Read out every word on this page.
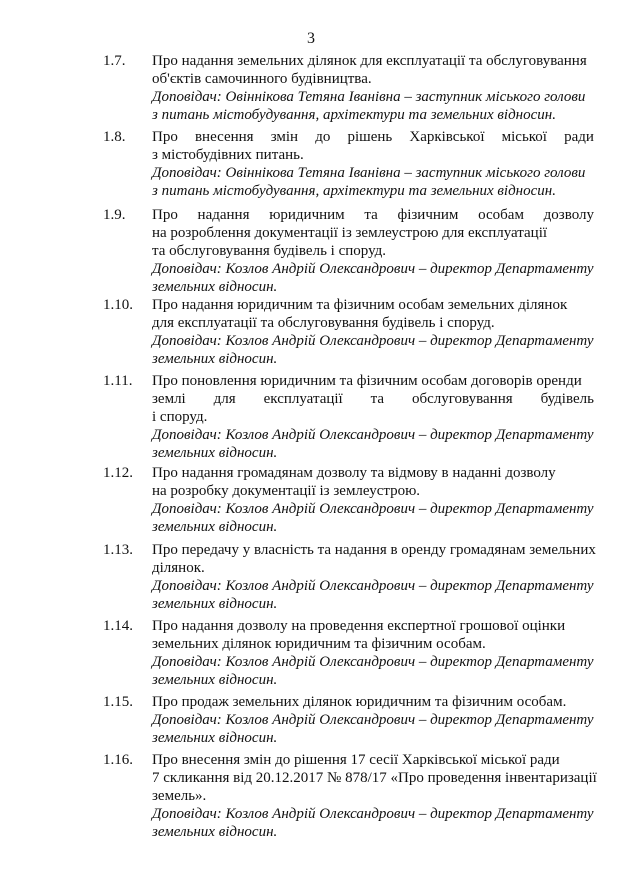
3
1.7.	Про надання земельних ділянок для експлуатації та обслуговування
об'єктів самочинного будівництва.
Доповідач: Овіннікова Тетяна Іванівна – заступник міського голови
з питань містобудування, архітектури та земельних відносин.
1.8.	Про внесення змін до рішень Харківської міської ради
з містобудівних питань.
Доповідач: Овіннікова Тетяна Іванівна – заступник міського голови
з питань містобудування, архітектури та земельних відносин.
1.9.	Про надання юридичним та фізичним особам дозволу
на розроблення документації із землеустрою для експлуатації
та обслуговування будівель і споруд.
Доповідач: Козлов Андрій Олександрович – директор Департаменту
земельних відносин.
1.10.	Про надання юридичним та фізичним особам земельних ділянок
для експлуатації та обслуговування будівель і споруд.
Доповідач: Козлов Андрій Олександрович – директор Департаменту
земельних відносин.
1.11.	Про поновлення юридичним та фізичним особам договорів оренди
землі для експлуатації та обслуговування будівель
і споруд.
Доповідач: Козлов Андрій Олександрович – директор Департаменту
земельних відносин.
1.12.	Про надання громадянам дозволу та відмову в наданні дозволу
на розробку документації із землеустрою.
Доповідач: Козлов Андрій Олександрович – директор Департаменту
земельних відносин.
1.13.	Про передачу у власність та надання в оренду громадянам земельних
ділянок.
Доповідач: Козлов Андрій Олександрович – директор Департаменту
земельних відносин.
1.14.	Про надання дозволу на проведення експертної грошової оцінки
земельних ділянок юридичним та фізичним особам.
Доповідач: Козлов Андрій Олександрович – директор Департаменту
земельних відносин.
1.15.	Про продаж земельних ділянок юридичним та фізичним особам.
Доповідач: Козлов Андрій Олександрович – директор Департаменту
земельних відносин.
1.16.	Про внесення змін до рішення 17 сесії Харківської міської ради
7 скликання від 20.12.2017 № 878/17 «Про проведення інвентаризації
земель».
Доповідач: Козлов Андрій Олександрович – директор Департаменту
земельних відносин.
